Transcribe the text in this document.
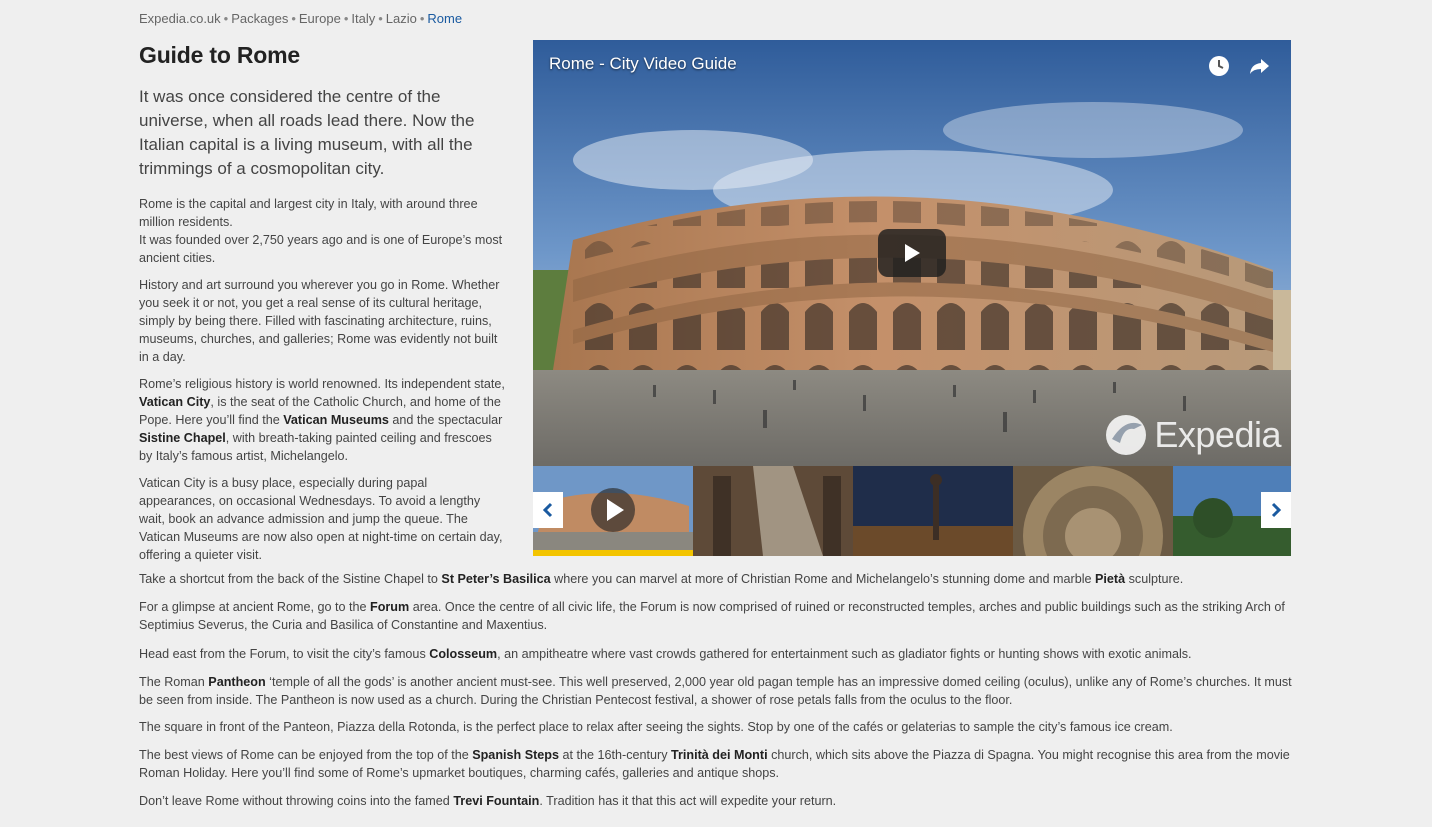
Expedia.co.uk • Packages • Europe • Italy • Lazio • Rome
Guide to Rome

It was once considered the centre of the universe, when all roads lead there. Now the Italian capital is a living museum, with all the trimmings of a cosmopolitan city.

Rome is the capital and largest city in Italy, with around three million residents.
It was founded over 2,750 years ago and is one of Europe’s most ancient cities.

History and art surround you wherever you go in Rome. Whether you seek it or not, you get a real sense of its cultural heritage, simply by being there. Filled with fascinating architecture, ruins, museums, churches, and galleries; Rome was evidently not built in a day.

Rome’s religious history is world renowned. Its independent state, Vatican City, is the seat of the Catholic Church, and home of the Pope. Here you’ll find the Vatican Museums and the spectacular Sistine Chapel, with breath-taking painted ceiling and frescoes by Italy’s famous artist, Michelangelo.

Vatican City is a busy place, especially during papal appearances, on occasional Wednesdays. To avoid a lengthy wait, book an advance admission and jump the queue. The Vatican Museums are now also open at night-time on certain day, offering a quieter visit.

Rome - City Video Guide
Expedia

Take a shortcut from the back of the Sistine Chapel to St Peter’s Basilica where you can marvel at more of Christian Rome and Michelangelo’s stunning dome and marble Pietà sculpture.

For a glimpse at ancient Rome, go to the Forum area. Once the centre of all civic life, the Forum is now comprised of ruined or reconstructed temples, arches and public buildings such as the striking Arch of Septimius Severus, the Curia and Basilica of Constantine and Maxentius.

Head east from the Forum, to visit the city’s famous Colosseum, an ampitheatre where vast crowds gathered for entertainment such as gladiator fights or hunting shows with exotic animals.

The Roman Pantheon ‘temple of all the gods’ is another ancient must-see. This well preserved, 2,000 year old pagan temple has an impressive domed ceiling (oculus), unlike any of Rome’s churches. It must be seen from inside. The Pantheon is now used as a church. During the Christian Pentecost festival, a shower of rose petals falls from the oculus to the floor.

The square in front of the Panteon, Piazza della Rotonda, is the perfect place to relax after seeing the sights. Stop by one of the cafés or gelaterias to sample the city’s famous ice cream.

The best views of Rome can be enjoyed from the top of the Spanish Steps at the 16th-century Trinità dei Monti church, which sits above the Piazza di Spagna. You might recognise this area from the movie Roman Holiday. Here you’ll find some of Rome’s upmarket boutiques, charming cafés, galleries and antique shops.

Don’t leave Rome without throwing coins into the famed Trevi Fountain. Tradition has it that this act will expedite your return.
